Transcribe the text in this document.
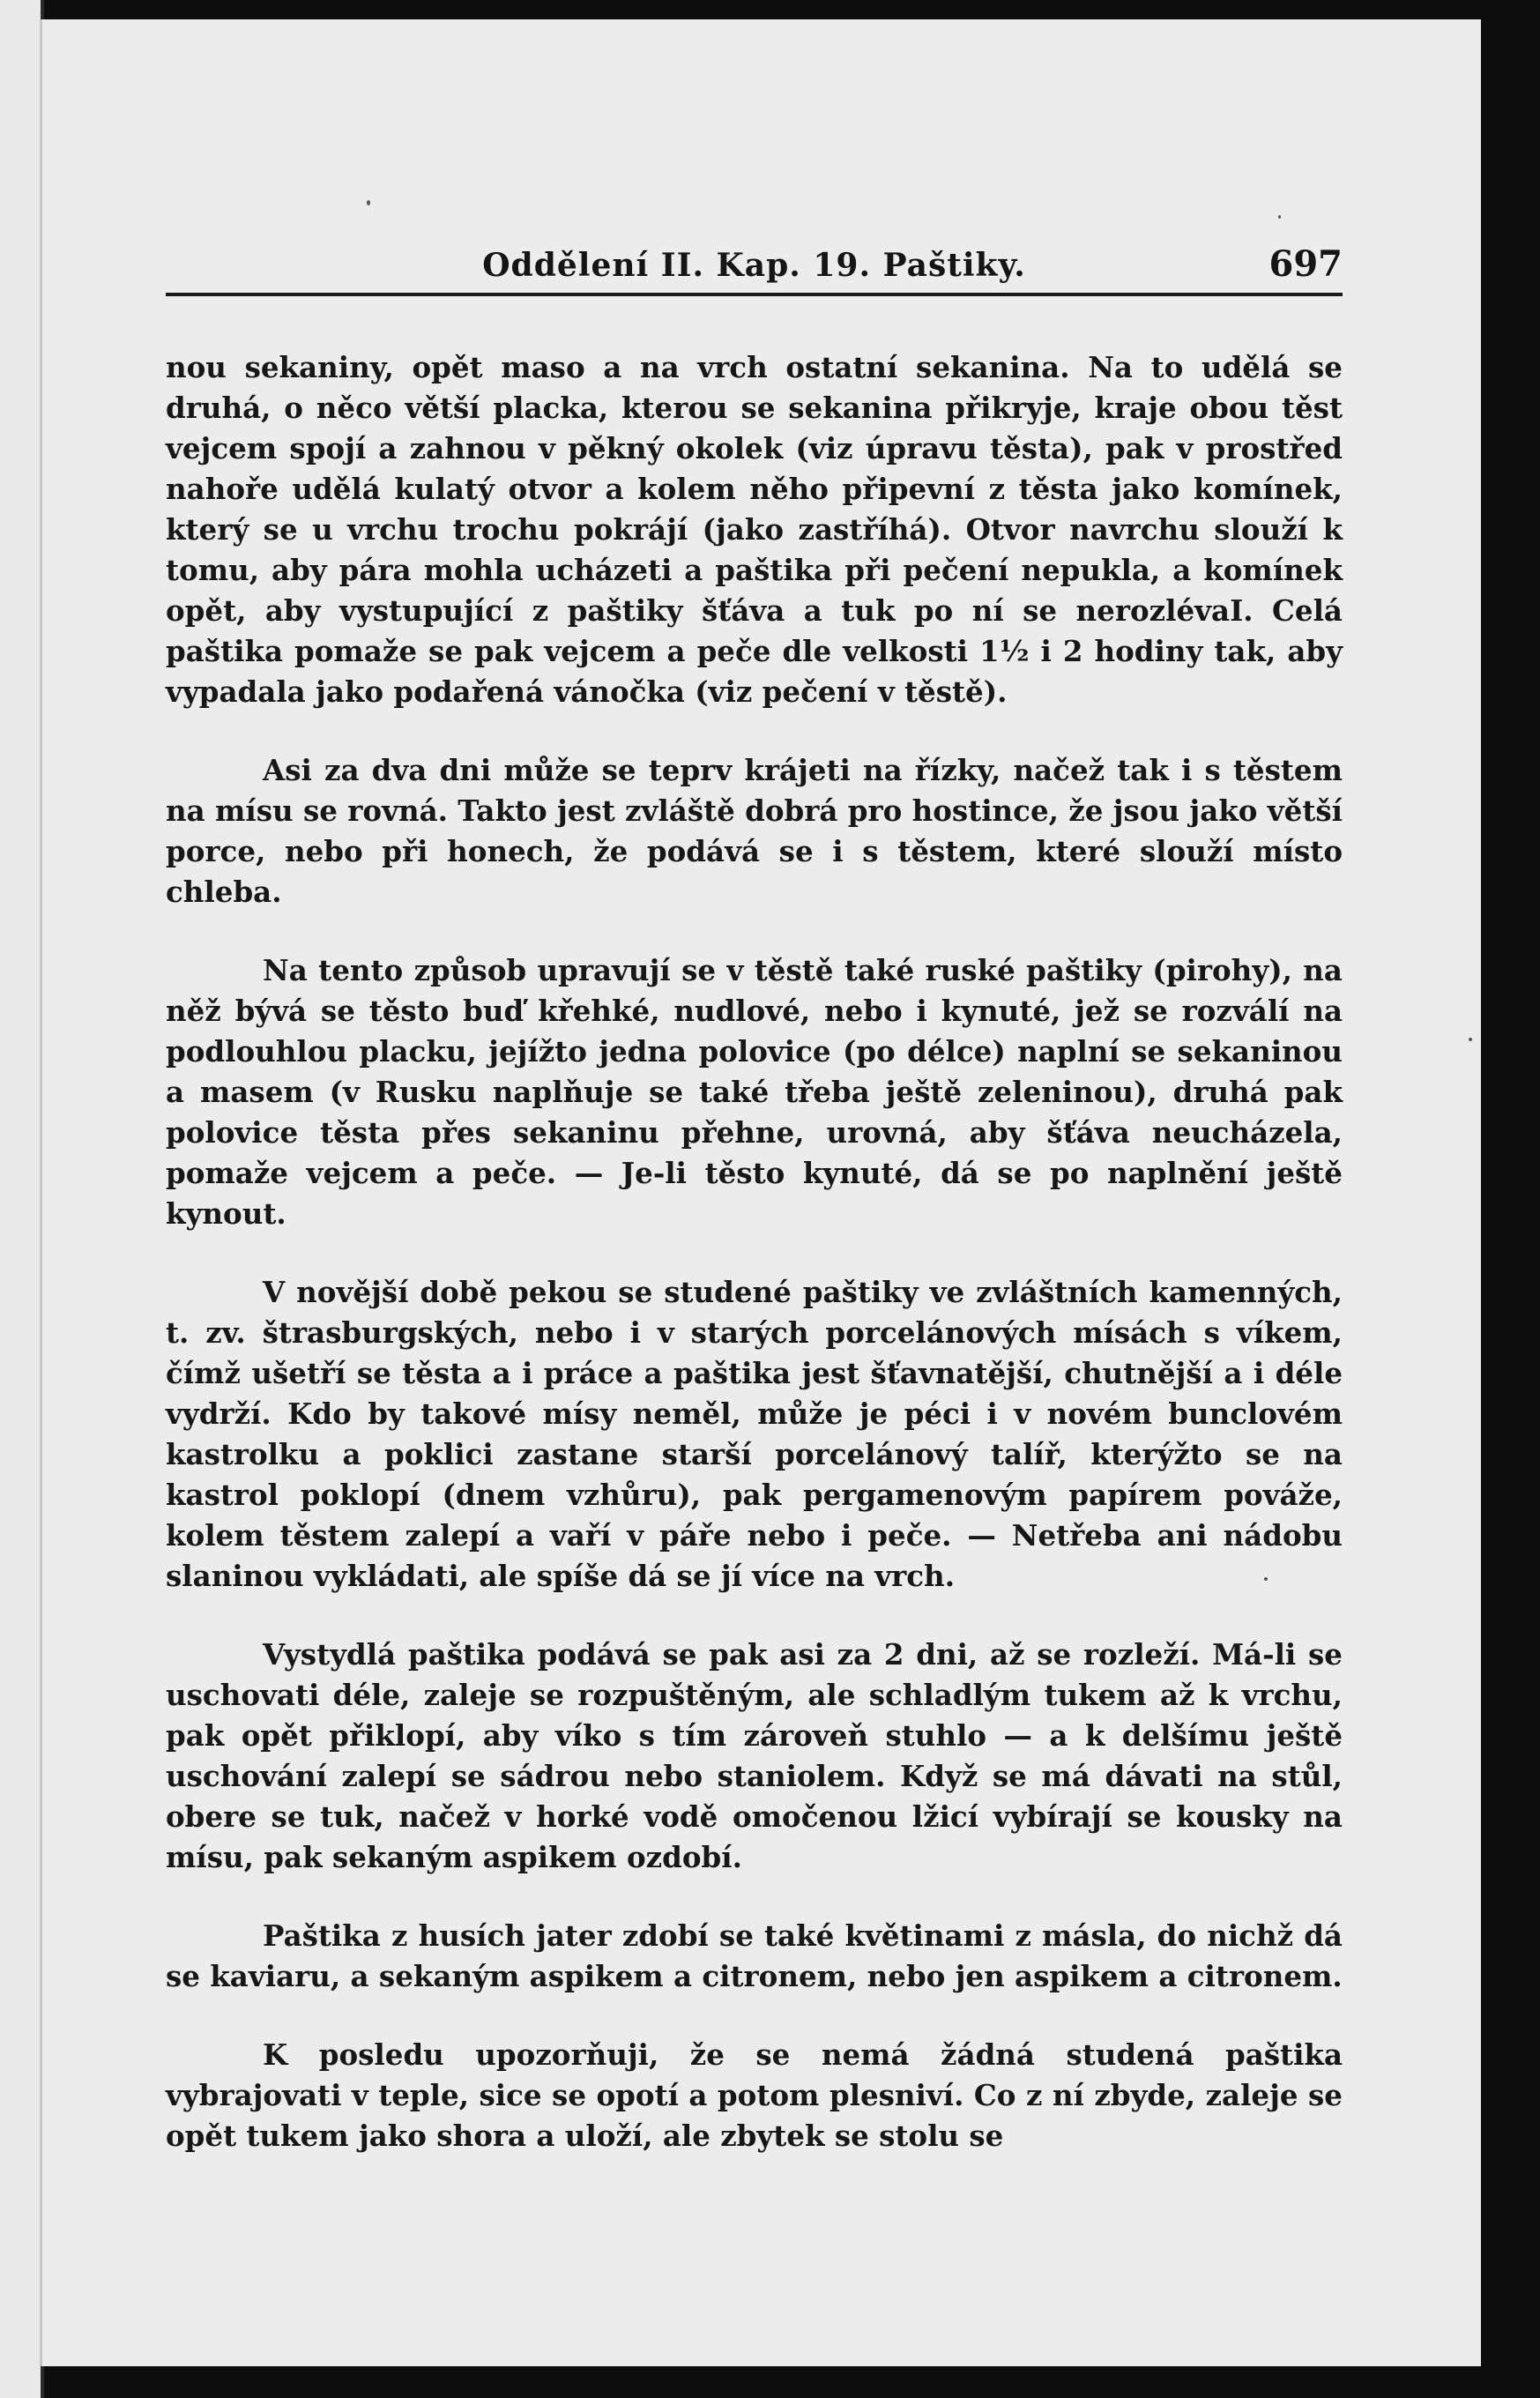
Oddělení II. Kap. 19. Paštiky.	697

nou sekaniny, opět maso a na vrch ostatní sekanina. Na to udělá se druhá, o něco větší placka, kterou se sekanina přikryje, kraje obou těst vejcem spojí a zahnou v pěkný okolek (viz úpravu těsta), pak v prostřed nahoře udělá kulatý otvor a kolem něho připevní z těsta jako komínek, který se u vrchu trochu pokrájí (jako zastříhá). Otvor navrchu slouží k tomu, aby pára mohla ucházeti a paštika při pečení nepukla, a komínek opět, aby vystupující z paštiky šťáva a tuk po ní se nerozlévaI. Celá paštika pomaže se pak vejcem a peče dle velkosti 1½ i 2 hodiny tak, aby vypadala jako podařená vánočka (viz pečení v těstě).

Asi za dva dni může se teprv krájeti na řízky, načež tak i s těstem na mísu se rovná. Takto jest zvláště dobrá pro hostince, že jsou jako větší porce, nebo při honech, že podává se i s těstem, které slouží místo chleba.

Na tento způsob upravují se v těstě také ruské paštiky (pirohy), na něž bývá se těsto buď křehké, nudlové, nebo i kynuté, jež se rozválí na podlouhlou placku, jejížto jedna polovice (po délce) naplní se sekaninou a masem (v Rusku naplňuje se také třeba ještě zeleninou), druhá pak polovice těsta přes sekaninu přehne, urovná, aby šťáva neucházela, pomaže vejcem a peče. — Je-li těsto kynuté, dá se po naplnění ještě kynout.

V novější době pekou se studené paštiky ve zvláštních kamenných, t. zv. štrasburgských, nebo i v starých porcelánových mísách s víkem, čímž ušetří se těsta a i práce a paštika jest šťavnatější, chutnější a i déle vydrží. Kdo by takové mísy neměl, může je péci i v novém bunclovém kastrolku a poklici zastane starší porcelánový talíř, kterýžto se na kastrol poklopí (dnem vzhůru), pak pergamenovým papírem pováže, kolem těstem zalepí a vaří v páře nebo i peče. — Netřeba ani nádobu slaninou vykládati, ale spíše dá se jí více na vrch.

Vystydlá paštika podává se pak asi za 2 dni, až se rozleží. Má-li se uschovati déle, zaleje se rozpuštěným, ale schladlým tukem až k vrchu, pak opět přiklopí, aby víko s tím zároveň stuhlo — a k delšímu ještě uschování zalepí se sádrou nebo staniolem. Když se má dávati na stůl, obere se tuk, načež v horké vodě omočenou lžicí vybírají se kousky na mísu, pak sekaným aspikem ozdobí.

Paštika z husích jater zdobí se také květinami z másla, do nichž dá se kaviaru, a sekaným aspikem a citronem, nebo jen aspikem a citronem.

K posledu upozorňuji, že se nemá žádná studená paštika vybrajovati v teple, sice se opotí a potom plesniví. Co z ní zbyde, zaleje se opět tukem jako shora a uloží, ale zbytek se stolu se
